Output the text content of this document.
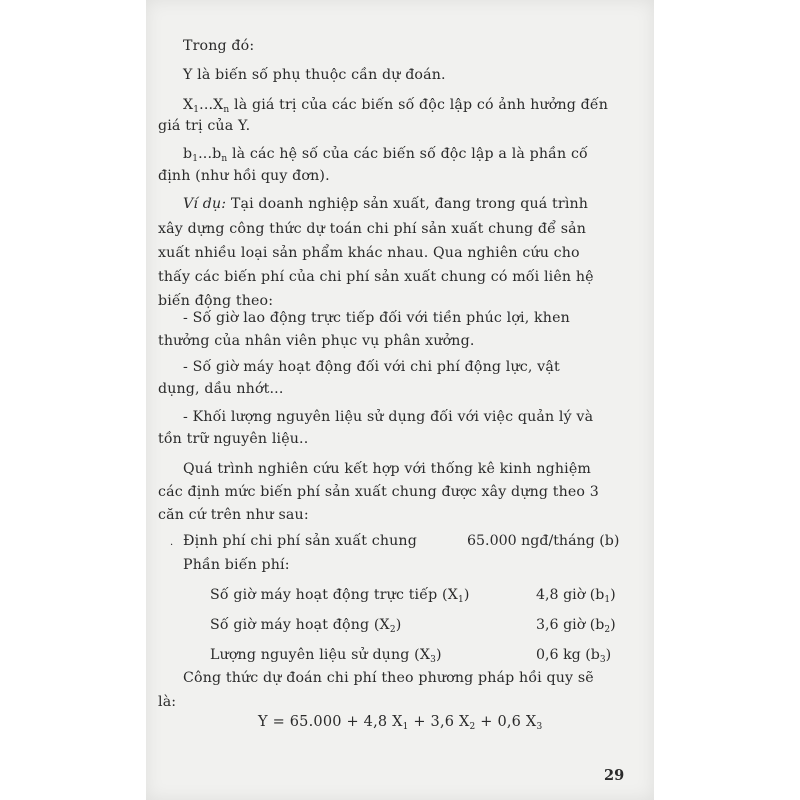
Trong đó:
Y là biến số phụ thuộc cần dự đoán.
$X_1...X_n$ là giá trị của các biến số độc lập có ảnh hưởng đến
giá trị của Y.
$b_1...b_n$ là các hệ số của các biến số độc lập a là phần cố
định (như hồi quy đơn).
Ví dụ: Tại doanh nghiệp sản xuất, đang trong quá trình
xây dựng công thức dự toán chi phí sản xuất chung để sản
xuất nhiều loại sản phẩm khác nhau. Qua nghiên cứu cho
thấy các biến phí của chi phí sản xuất chung có mối liên hệ
biến động theo:
- Số giờ lao động trực tiếp đối với tiền phúc lợi, khen
thưởng của nhân viên phục vụ phân xưởng.
- Số giờ máy hoạt động đối với chi phí động lực, vật
dụng, dầu nhớt...
- Khối lượng nguyên liệu sử dụng đối với việc quản lý và
tồn trữ nguyên liệu..
Quá trình nghiên cứu kết hợp với thống kê kinh nghiệm
các định mức biến phí sản xuất chung được xây dựng theo 3
căn cứ trên như sau:
· Định phí chi phí sản xuất chung	65.000 ngđ/tháng (b)
Phần biến phí:
Số giờ máy hoạt động trực tiếp $(X_1)$	4,8 giờ $(b_1)$
Số giờ máy hoạt động $(X_2)$	3,6 giờ $(b_2)$
Lượng nguyên liệu sử dụng $(X_3)$	0,6 kg $(b_3)$
Công thức dự đoán chi phí theo phương pháp hồi quy sẽ
là:
Y = 65.000 + 4,8 $X_1 + 3,6$ $X_2 + 0,6$ $X_3$
29
